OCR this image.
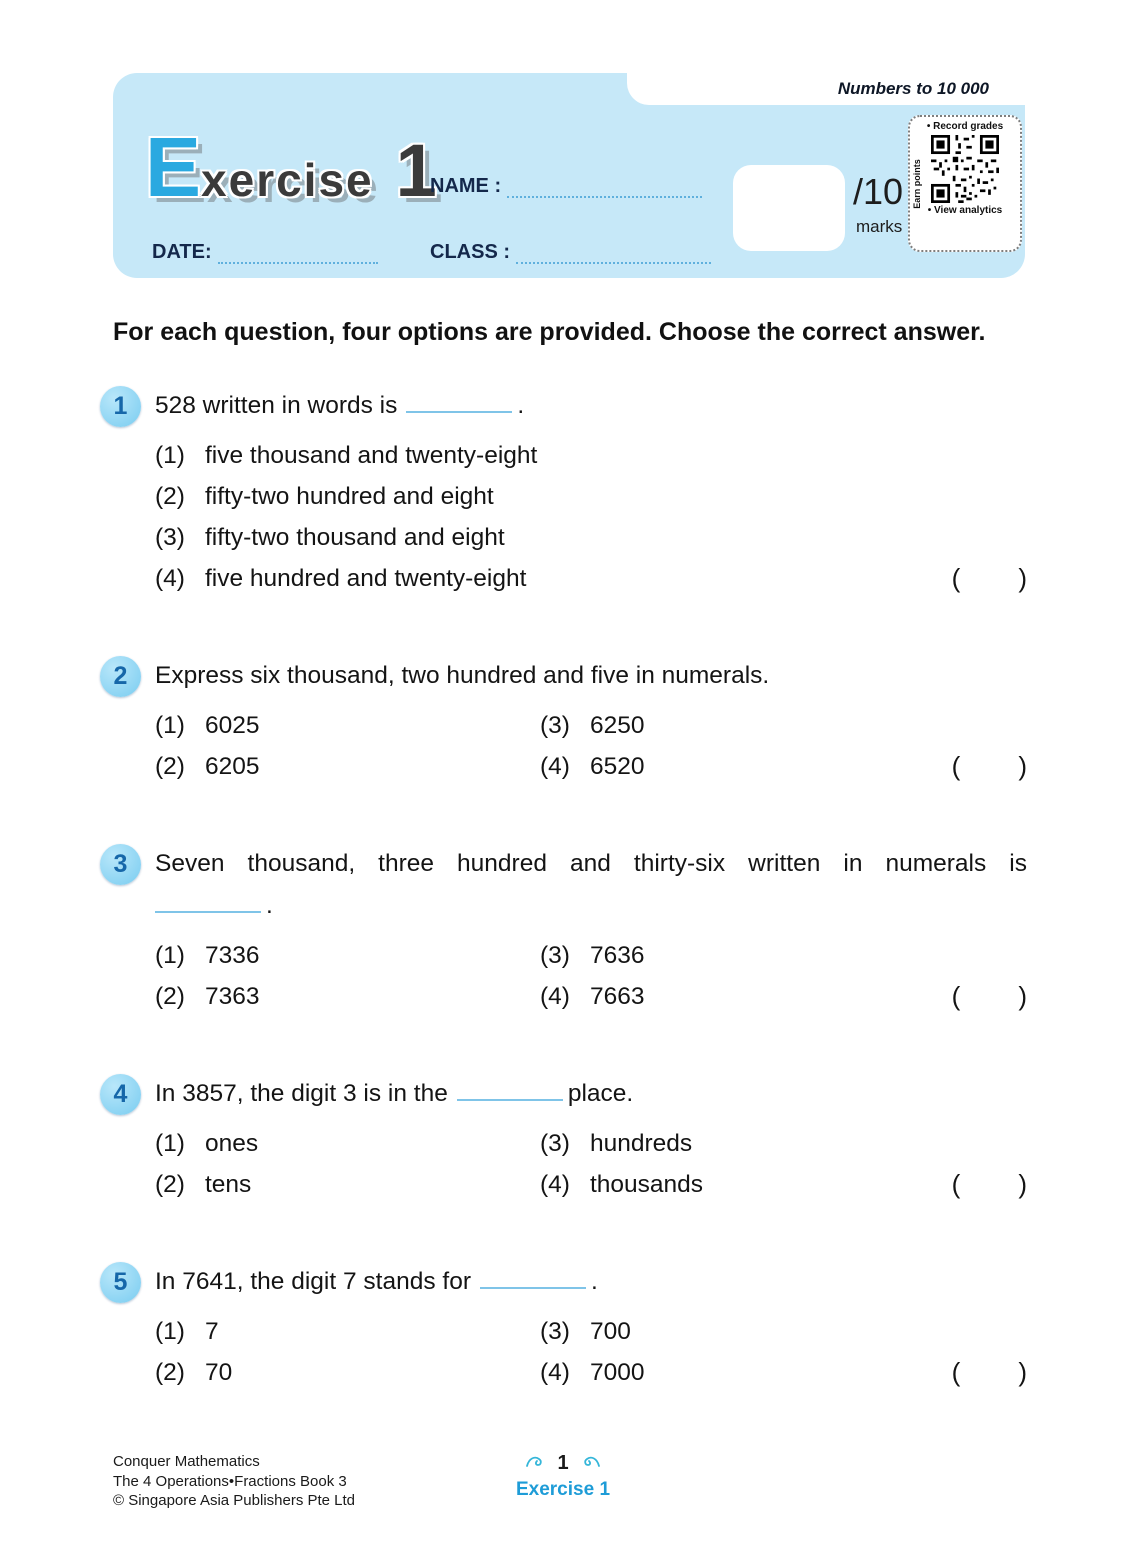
Numbers to 10 000
Exercise 1
NAME :
DATE:	CLASS :
/10
marks
• Record grades
Earn points
• View analytics
For each question, four options are provided. Choose the correct answer.
1 528 written in words is	.

(1) five thousand and twenty-eight
(2) fifty-two hundred and eight
(3) fifty-two thousand and eight
(4) five hundred and twenty-eight	( )
2 Express six thousand, two hundred and five in numerals.

(1) 6025	(3) 6250
(2) 6205	(4) 6520	( )
3 Seven thousand, three hundred and thirty-six written in numerals is

.

(1) 7336	(3) 7636
(2) 7363	(4) 7663	( )
4 In 3857, the digit 3 is in the	place.

(1) ones	(3) hundreds
(2) tens	(4) thousands	( )
5 In 7641, the digit 7 stands for	.

(1) 7	(3) 700
(2) 70	(4) 7000	( )
Conquer Mathematics
The 4 Operations•Fractions Book 3
© Singapore Asia Publishers Pte Ltd
1
Exercise 1
